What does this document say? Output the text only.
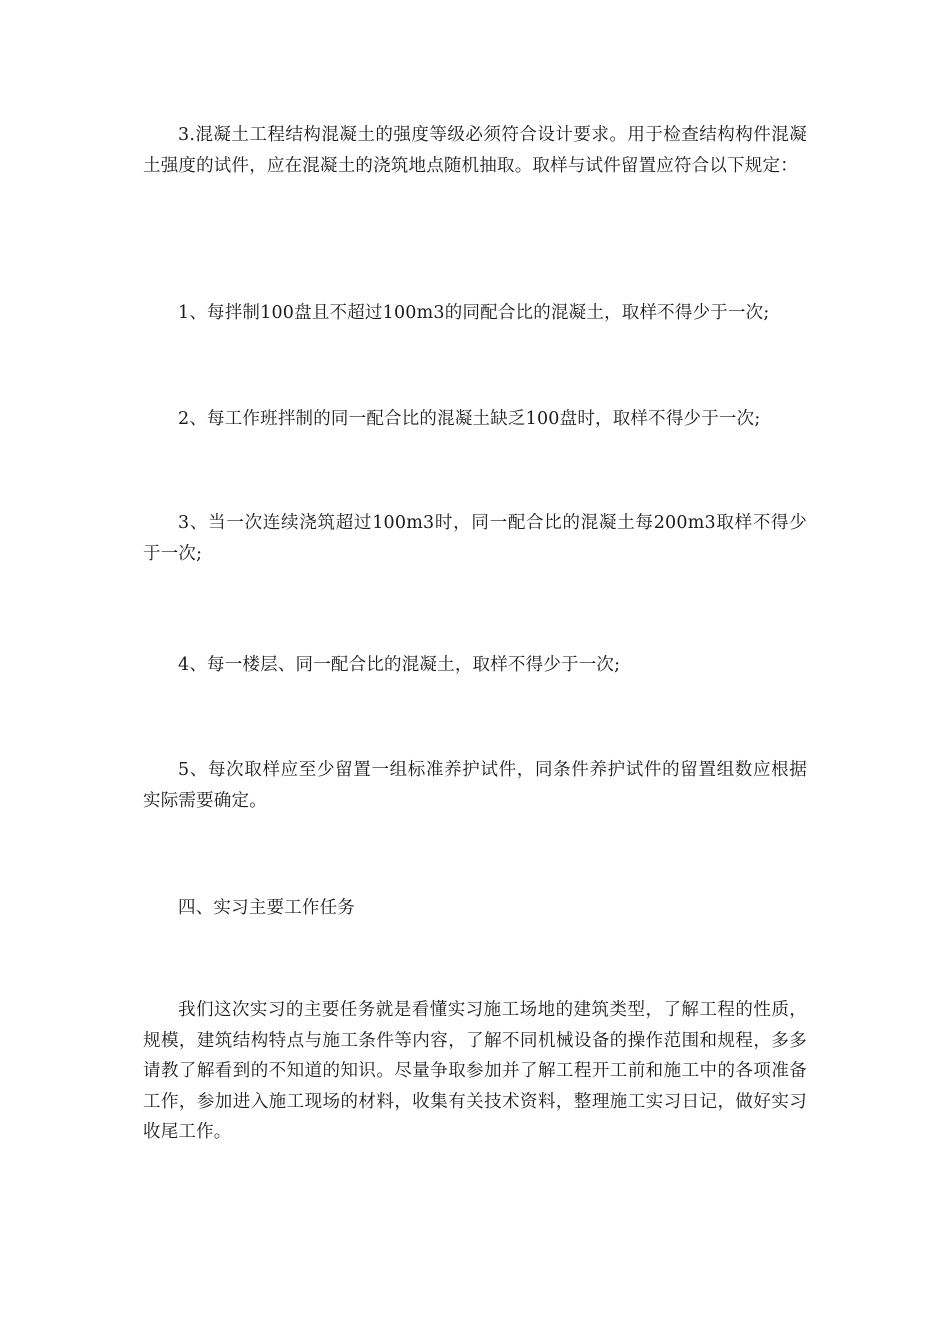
3.混凝土工程结构混凝土的强度等级必须符合设计要求。用于检查结构构件混凝土强度的试件，应在混凝土的浇筑地点随机抽取。取样与试件留置应符合以下规定：

1、每拌制100盘且不超过100m3的同配合比的混凝土，取样不得少于一次;

2、每工作班拌制的同一配合比的混凝土缺乏100盘时，取样不得少于一次;

3、当一次连续浇筑超过100m3时，同一配合比的混凝土每200m3取样不得少于一次;

4、每一楼层、同一配合比的混凝土，取样不得少于一次;

5、每次取样应至少留置一组标准养护试件，同条件养护试件的留置组数应根据实际需要确定。

四、实习主要工作任务

我们这次实习的主要任务就是看懂实习施工场地的建筑类型，了解工程的性质，规模，建筑结构特点与施工条件等内容，了解不同机械设备的操作范围和规程，多多请教了解看到的不知道的知识。尽量争取参加并了解工程开工前和施工中的各项准备工作，参加进入施工现场的材料，收集有关技术资料，整理施工实习日记，做好实习收尾工作。
